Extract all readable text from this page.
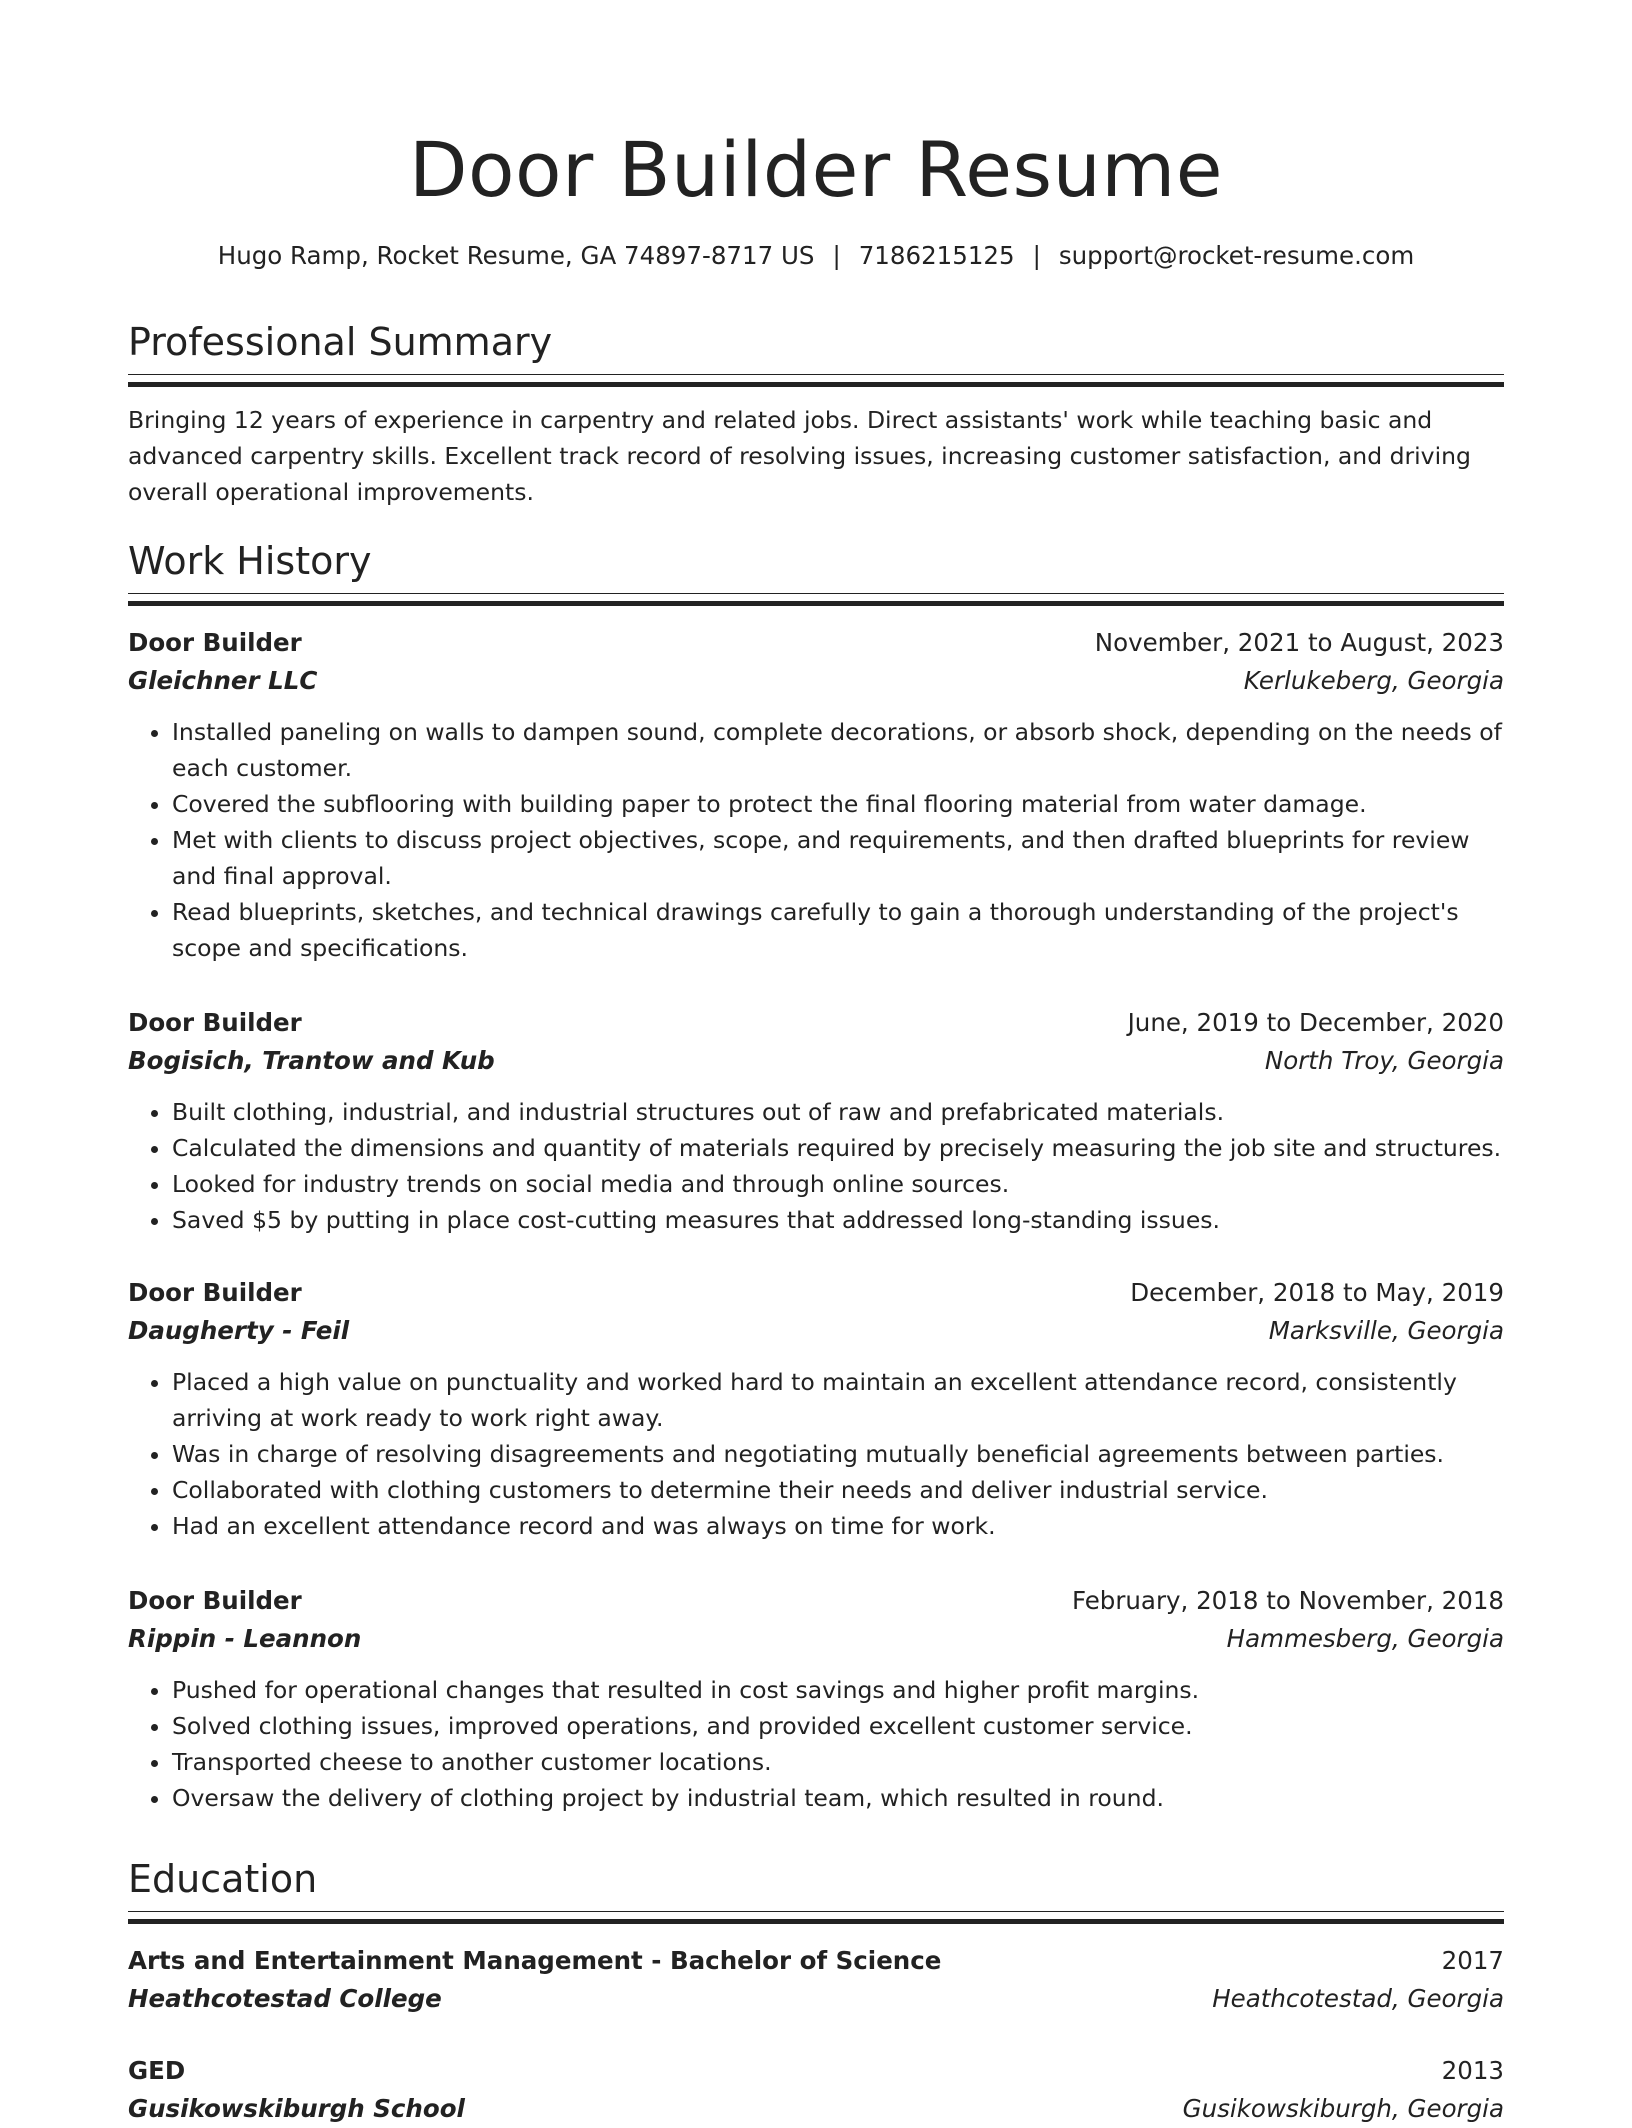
Door Builder Resume
Hugo Ramp, Rocket Resume, GA 74897-8717 US | 7186215125 | support@rocket-resume.com
Professional Summary

Bringing 12 years of experience in carpentry and related jobs. Direct assistants' work while teaching basic and advanced carpentry skills. Excellent track record of resolving issues, increasing customer satisfaction, and driving overall operational improvements.

Work History
Door Builder	November, 2021 to August, 2023
Gleichner LLC	Kerlukeberg, Georgia
• Installed paneling on walls to dampen sound, complete decorations, or absorb shock, depending on the needs of each customer.
• Covered the subflooring with building paper to protect the final flooring material from water damage.
• Met with clients to discuss project objectives, scope, and requirements, and then drafted blueprints for review and final approval.
• Read blueprints, sketches, and technical drawings carefully to gain a thorough understanding of the project's scope and specifications.
Door Builder	June, 2019 to December, 2020
Bogisich, Trantow and Kub	North Troy, Georgia
• Built clothing, industrial, and industrial structures out of raw and prefabricated materials.
• Calculated the dimensions and quantity of materials required by precisely measuring the job site and structures.
• Looked for industry trends on social media and through online sources.
• Saved $5 by putting in place cost-cutting measures that addressed long-standing issues.
Door Builder	December, 2018 to May, 2019
Daugherty - Feil	Marksville, Georgia
• Placed a high value on punctuality and worked hard to maintain an excellent attendance record, consistently arriving at work ready to work right away.
• Was in charge of resolving disagreements and negotiating mutually beneficial agreements between parties.
• Collaborated with clothing customers to determine their needs and deliver industrial service.
• Had an excellent attendance record and was always on time for work.
Door Builder	February, 2018 to November, 2018
Rippin - Leannon	Hammesberg, Georgia
• Pushed for operational changes that resulted in cost savings and higher profit margins.
• Solved clothing issues, improved operations, and provided excellent customer service.
• Transported cheese to another customer locations.
• Oversaw the delivery of clothing project by industrial team, which resulted in round.
Education
Arts and Entertainment Management - Bachelor of Science	2017
Heathcotestad College	Heathcotestad, Georgia
GED	2013
Gusikowskiburgh School	Gusikowskiburgh, Georgia
